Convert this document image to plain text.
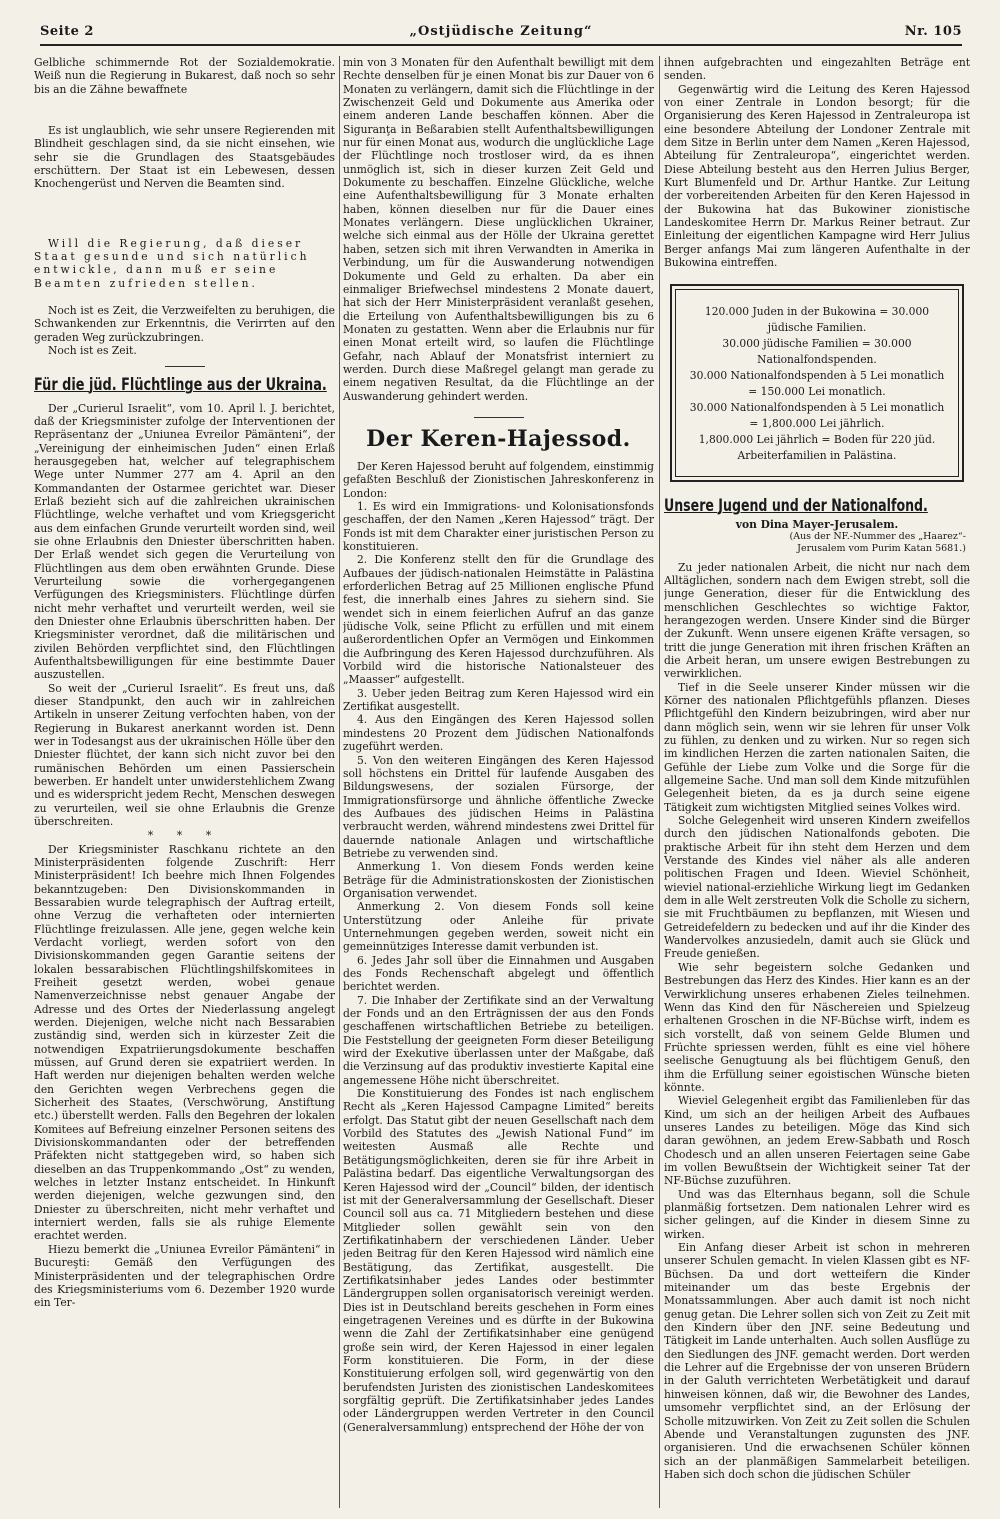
Seite 2	„Ostjüdische Zeitung“	Nr. 105

Gelbliche schimmernde Rot der Sozialdemokratie. Weiß nun die Regierung in Bukarest, daß noch so sehr bis an die Zähne bewaffnete

Es ist unglaublich, wie sehr unsere Regierenden mit Blindheit geschlagen sind, da sie nicht einsehen, wie sehr sie die Grundlagen des Staatsgebäudes erschüttern. Der Staat ist ein Lebewesen, dessen Knochengerüst und Nerven die Beamten sind.

Will die Regierung, daß dieser Staat gesunde und sich natürlich entwickle, dann muß er seine Beamten zufrieden stellen.

Noch ist es Zeit, die Verzweifelten zu beruhigen, die Schwankenden zur Erkenntnis, die Verirrten auf den geraden Weg zurückzubringen.

Noch ist es Zeit.

Für die jüd. Flüchtlinge aus der Ukraina.

Der „Curierul Israelit“, vom 10. April l. J. berichtet, daß der Kriegsminister zufolge der Interventionen der Repräsentanz der „Uniunea Evreilor Pämänteni“, der „Vereinigung der einheimischen Juden“ einen Erlaß herausgegeben hat, welcher auf telegraphischem Wege unter Nummer 277 am 4. April an den Kommandanten der Ostarmee gerichtet war. Dieser Erlaß bezieht sich auf die zahlreichen ukrainischen Flüchtlinge, welche verhaftet und vom Kriegsgericht aus dem einfachen Grunde verurteilt worden sind, weil sie ohne Erlaubnis den Dniester überschritten haben. Der Erlaß wendet sich gegen die Verurteilung von Flüchtlingen aus dem oben erwähnten Grunde. Diese Verurteilung sowie die vorhergegangenen Verfügungen des Kriegsministers. Flüchtlinge dürfen nicht mehr verhaftet und verurteilt werden, weil sie den Dniester ohne Erlaubnis überschritten haben. Der Kriegsminister verordnet, daß die militärischen und zivilen Behörden verpflichtet sind, den Flüchtlingen Aufenthaltsbewilligungen für eine bestimmte Dauer auszustellen.

So weit der „Curierul Israelit“. Es freut uns, daß dieser Standpunkt, den auch wir in zahlreichen Artikeln in unserer Zeitung verfochten haben, von der Regierung in Bukarest anerkannt worden ist. Denn wer in Todesangst aus der ukrainischen Hölle über den Dniester flüchtet, der kann sich nicht zuvor bei den rumänischen Behörden um einen Passierschein bewerben. Er handelt unter unwiderstehlichem Zwang und es widerspricht jedem Recht, Menschen deswegen zu verurteilen, weil sie ohne Erlaubnis die Grenze überschreiten.

* * *

Der Kriegsminister Raschkanu richtete an den Ministerpräsidenten folgende Zuschrift: Herr Ministerpräsident! Ich beehre mich Ihnen Folgendes bekanntzugeben: Den Divisionskommanden in Bessarabien wurde telegraphisch der Auftrag erteilt, ohne Verzug die verhafteten oder internierten Flüchtlinge freizulassen. Alle jene, gegen welche kein Verdacht vorliegt, werden sofort von den Divisionskommanden gegen Garantie seitens der lokalen bessarabischen Flüchtlingshilfskomitees in Freiheit gesetzt werden, wobei genaue Namenverzeichnisse nebst genauer Angabe der Adresse und des Ortes der Niederlassung angelegt werden. Diejenigen, welche nicht nach Bessarabien zuständig sind, werden sich in kürzester Zeit die notwendigen Expatriierungsdokumente beschaffen müssen, auf Grund deren sie expatriiert werden. In Haft werden nur diejenigen behalten werden welche den Gerichten wegen Verbrechens gegen die Sicherheit des Staates, (Verschwörung, Anstiftung etc.) überstellt werden. Falls den Begehren der lokalen Komitees auf Befreiung einzelner Personen seitens des Divisionskommandanten oder der betreffenden Präfekten nicht stattgegeben wird, so haben sich dieselben an das Truppenkommando „Ost“ zu wenden, welches in letzter Instanz entscheidet. In Hinkunft werden diejenigen, welche gezwungen sind, den Dniester zu überschreiten, nicht mehr verhaftet und interniert werden, falls sie als ruhige Elemente erachtet werden.

Hiezu bemerkt die „Uniunea Evreilor Pämänteni“ in Bucureşti: Gemäß den Verfügungen des Ministerpräsidenten und der telegraphischen Ordre des Kriegsministeriums vom 6. Dezember 1920 wurde ein Ter-

min von 3 Monaten für den Aufenthalt bewilligt mit dem Rechte denselben für je einen Monat bis zur Dauer von 6 Monaten zu verlängern, damit sich die Flüchtlinge in der Zwischenzeit Geld und Dokumente aus Amerika oder einem anderen Lande beschaffen können. Aber die Siguranţa in Beßarabien stellt Aufenthaltsbewilligungen nur für einen Monat aus, wodurch die unglückliche Lage der Flüchtlinge noch trostloser wird, da es ihnen unmöglich ist, sich in dieser kurzen Zeit Geld und Dokumente zu beschaffen. Einzelne Glückliche, welche eine Aufenthaltsbewilligung für 3 Monate erhalten haben, können dieselben nur für die Dauer eines Monates verlängern. Diese unglücklichen Ukrainer, welche sich einmal aus der Hölle der Ukraina gerettet haben, setzen sich mit ihren Verwandten in Amerika in Verbindung, um für die Auswanderung notwendigen Dokumente und Geld zu erhalten. Da aber ein einmaliger Briefwechsel mindestens 2 Monate dauert, hat sich der Herr Ministerpräsident veranlaßt gesehen, die Erteilung von Aufenthaltsbewilligungen bis zu 6 Monaten zu gestatten. Wenn aber die Erlaubnis nur für einen Monat erteilt wird, so laufen die Flüchtlinge Gefahr, nach Ablauf der Monatsfrist interniert zu werden. Durch diese Maßregel gelangt man gerade zu einem negativen Resultat, da die Flüchtlinge an der Auswanderung gehindert werden.

Der Keren-Hajessod.

Der Keren Hajessod beruht auf folgendem, einstimmig gefaßten Beschluß der Zionistischen Jahreskonferenz in London:

1. Es wird ein Immigrations- und Kolonisationsfonds geschaffen, der den Namen „Keren Hajessod“ trägt. Der Fonds ist mit dem Charakter einer juristischen Person zu konstituieren.

2. Die Konferenz stellt den für die Grundlage des Aufbaues der jüdisch-nationalen Heimstätte in Palästina erforderlichen Betrag auf 25 Millionen englische Pfund fest, die innerhalb eines Jahres zu siehern sind. Sie wendet sich in einem feierlichen Aufruf an das ganze jüdische Volk, seine Pflicht zu erfüllen und mit einem außerordentlichen Opfer an Vermögen und Einkommen die Aufbringung des Keren Hajessod durchzuführen. Als Vorbild wird die historische Nationalsteuer des „Maasser“ aufgestellt.

3. Ueber jeden Beitrag zum Keren Hajessod wird ein Zertifikat ausgestellt.

4. Aus den Eingängen des Keren Hajessod sollen mindestens 20 Prozent dem Jüdischen Nationalfonds zugeführt werden.

5. Von den weiteren Eingängen des Keren Hajessod soll höchstens ein Drittel für laufende Ausgaben des Bildungswesens, der sozialen Fürsorge, der Immigrationsfürsorge und ähnliche öffentliche Zwecke des Aufbaues des jüdischen Heims in Palästina verbraucht werden, während mindestens zwei Drittel für dauernde nationale Anlagen und wirtschaftliche Betriebe zu verwenden sind.

Anmerkung 1. Von diesem Fonds werden keine Beträge für die Administrationskosten der Zionistischen Organisation verwendet.

Anmerkung 2. Von diesem Fonds soll keine Unterstützung oder Anleihe für private Unternehmungen gegeben werden, soweit nicht ein gemeinnütziges Interesse damit verbunden ist.

6. Jedes Jahr soll über die Einnahmen und Ausgaben des Fonds Rechenschaft abgelegt und öffentlich berichtet werden.

7. Die Inhaber der Zertifikate sind an der Verwaltung der Fonds und an den Erträgnissen der aus den Fonds geschaffenen wirtschaftlichen Betriebe zu beteiligen. Die Feststellung der geeigneten Form dieser Beteiligung wird der Exekutive überlassen unter der Maßgabe, daß die Verzinsung auf das produktiv investierte Kapital eine angemessene Höhe nicht überschreitet.

Die Konstituierung des Fondes ist nach englischem Recht als „Keren Hajessod Campagne Limited“ bereits erfolgt. Das Statut gibt der neuen Gesellschaft nach dem Vorbild des Statutes des „Jewish National Fund“ im weitesten Ausmaß alle Rechte und Betätigungsmöglichkeiten, deren sie für ihre Arbeit in Palästina bedarf. Das eigentliche Verwaltungsorgan des Keren Hajessod wird der „Council“ bilden, der identisch ist mit der Generalversammlung der Gesellschaft. Dieser Council soll aus ca. 71 Mitgliedern bestehen und diese Mitglieder sollen gewählt sein von den Zertifikatinhabern der verschiedenen Länder. Ueber jeden Beitrag für den Keren Hajessod wird nämlich eine Bestätigung, das Zertifikat, ausgestellt. Die Zertifikatsinhaber jedes Landes oder bestimmter Ländergruppen sollen organisatorisch vereinigt werden. Dies ist in Deutschland bereits geschehen in Form eines eingetragenen Vereines und es dürfte in der Bukowina wenn die Zahl der Zertifikatsinhaber eine genügend große sein wird, der Keren Hajessod in einer legalen Form konstituieren. Die Form, in der diese Konstituierung erfolgen soll, wird gegenwärtig von den berufendsten Juristen des zionistischen Landeskomitees sorgfältig geprüft. Die Zertifikatsinhaber jedes Landes oder Ländergruppen werden Vertreter in den Council (Generalversammlung) entsprechend der Höhe der von

ihnen aufgebrachten und eingezahlten Beträge ent senden.

Gegenwärtig wird die Leitung des Keren Hajessod von einer Zentrale in London besorgt; für die Organisierung des Keren Hajessod in Zentraleuropa ist eine besondere Abteilung der Londoner Zentrale mit dem Sitze in Berlin unter dem Namen „Keren Hajessod, Abteilung für Zentraleuropa“, eingerichtet werden. Diese Abteilung besteht aus den Herren Julius Berger, Kurt Blumenfeld und Dr. Arthur Hantke. Zur Leitung der vorbereitenden Arbeiten für den Keren Hajessod in der Bukowina hat das Bukowiner zionistische Landeskomitee Herrn Dr. Markus Reiner betraut. Zur Einleitung der eigentlichen Kampagne wird Herr Julius Berger anfangs Mai zum längeren Aufenthalte in der Bukowina eintreffen.

120.000 Juden in der Bukowina = 30.000 jüdische Familien.
30.000 jüdische Familien = 30.000 Nationalfondspenden.
30.000 Nationalfondspenden à 5 Lei monatlich = 150.000 Lei monatlich.
30.000 Nationalfondspenden à 5 Lei monatlich = 1,800.000 Lei jährlich.
1,800.000 Lei jährlich = Boden für 220 jüd. Arbeiterfamilien in Palästina.
Unsere Jugend und der Nationalfond.
von Dina Mayer-Jerusalem.
(Aus der NF.-Nummer des „Haarez“-
Jerusalem vom Purim Katan 5681.)

Zu jeder nationalen Arbeit, die nicht nur nach dem Alltäglichen, sondern nach dem Ewigen strebt, soll die junge Generation, dieser für die Entwicklung des menschlichen Geschlechtes so wichtige Faktor, herangezogen werden. Unsere Kinder sind die Bürger der Zukunft. Wenn unsere eigenen Kräfte versagen, so tritt die junge Generation mit ihren frischen Kräften an die Arbeit heran, um unsere ewigen Bestrebungen zu verwirklichen.

Tief in die Seele unserer Kinder müssen wir die Körner des nationalen Pflichtgefühls pflanzen. Dieses Pflichtgefühl den Kindern beizubringen, wird aber nur dann möglich sein, wenn wir sie lehren für unser Volk zu fühlen, zu denken und zu wirken. Nur so regen sich im kindlichen Herzen die zarten nationalen Saiten, die Gefühle der Liebe zum Volke und die Sorge für die allgemeine Sache. Und man soll dem Kinde mitzufühlen Gelegenheit bieten, da es ja durch seine eigene Tätigkeit zum wichtigsten Mitglied seines Volkes wird.

Solche Gelegenheit wird unseren Kindern zweifellos durch den jüdischen Nationalfonds geboten. Die praktische Arbeit für ihn steht dem Herzen und dem Verstande des Kindes viel näher als alle anderen politischen Fragen und Ideen. Wieviel Schönheit, wieviel national-erziehliche Wirkung liegt im Gedanken dem in alle Welt zerstreuten Volk die Scholle zu sichern, sie mit Fruchtbäumen zu bepflanzen, mit Wiesen und Getreidefeldern zu bedecken und auf ihr die Kinder des Wandervolkes anzusiedeln, damit auch sie Glück und Freude genießen.

Wie sehr begeistern solche Gedanken und Bestrebungen das Herz des Kindes. Hier kann es an der Verwirklichung unseres erhabenen Zieles teilnehmen. Wenn das Kind den für Näschereien und Spielzeug erhaltenen Groschen in die NF-Büchse wirft, indem es sich vorstellt, daß von seinem Gelde Blumen und Früchte spriessen werden, fühlt es eine viel höhere seelische Genugtuung als bei flüchtigem Genuß, den ihm die Erfüllung seiner egoistischen Wünsche bieten könnte.

Wieviel Gelegenheit ergibt das Familienleben für das Kind, um sich an der heiligen Arbeit des Aufbaues unseres Landes zu beteiligen. Möge das Kind sich daran gewöhnen, an jedem Erew-Sabbath und Rosch Chodesch und an allen unseren Feiertagen seine Gabe im vollen Bewußtsein der Wichtigkeit seiner Tat der NF-Büchse zuzuführen.

Und was das Elternhaus begann, soll die Schule planmäßig fortsetzen. Dem nationalen Lehrer wird es sicher gelingen, auf die Kinder in diesem Sinne zu wirken.

Ein Anfang dieser Arbeit ist schon in mehreren unserer Schulen gemacht. In vielen Klassen gibt es NF-Büchsen. Da und dort wetteifern die Kinder miteinander um das beste Ergebnis der Monatssammlungen. Aber auch damit ist noch nicht genug getan. Die Lehrer sollen sich von Zeit zu Zeit mit den Kindern über den JNF. seine Bedeutung und Tätigkeit im Lande unterhalten. Auch sollen Ausflüge zu den Siedlungen des JNF. gemacht werden. Dort werden die Lehrer auf die Ergebnisse der von unseren Brüdern in der Galuth verrichteten Werbetätigkeit und darauf hinweisen können, daß wir, die Bewohner des Landes, umsomehr verpflichtet sind, an der Erlösung der Scholle mitzuwirken. Von Zeit zu Zeit sollen die Schulen Abende und Veranstaltungen zugunsten des JNF. organisieren. Und die erwachsenen Schüler können sich an der planmäßigen Sammelarbeit beteiligen. Haben sich doch schon die jüdischen Schüler
